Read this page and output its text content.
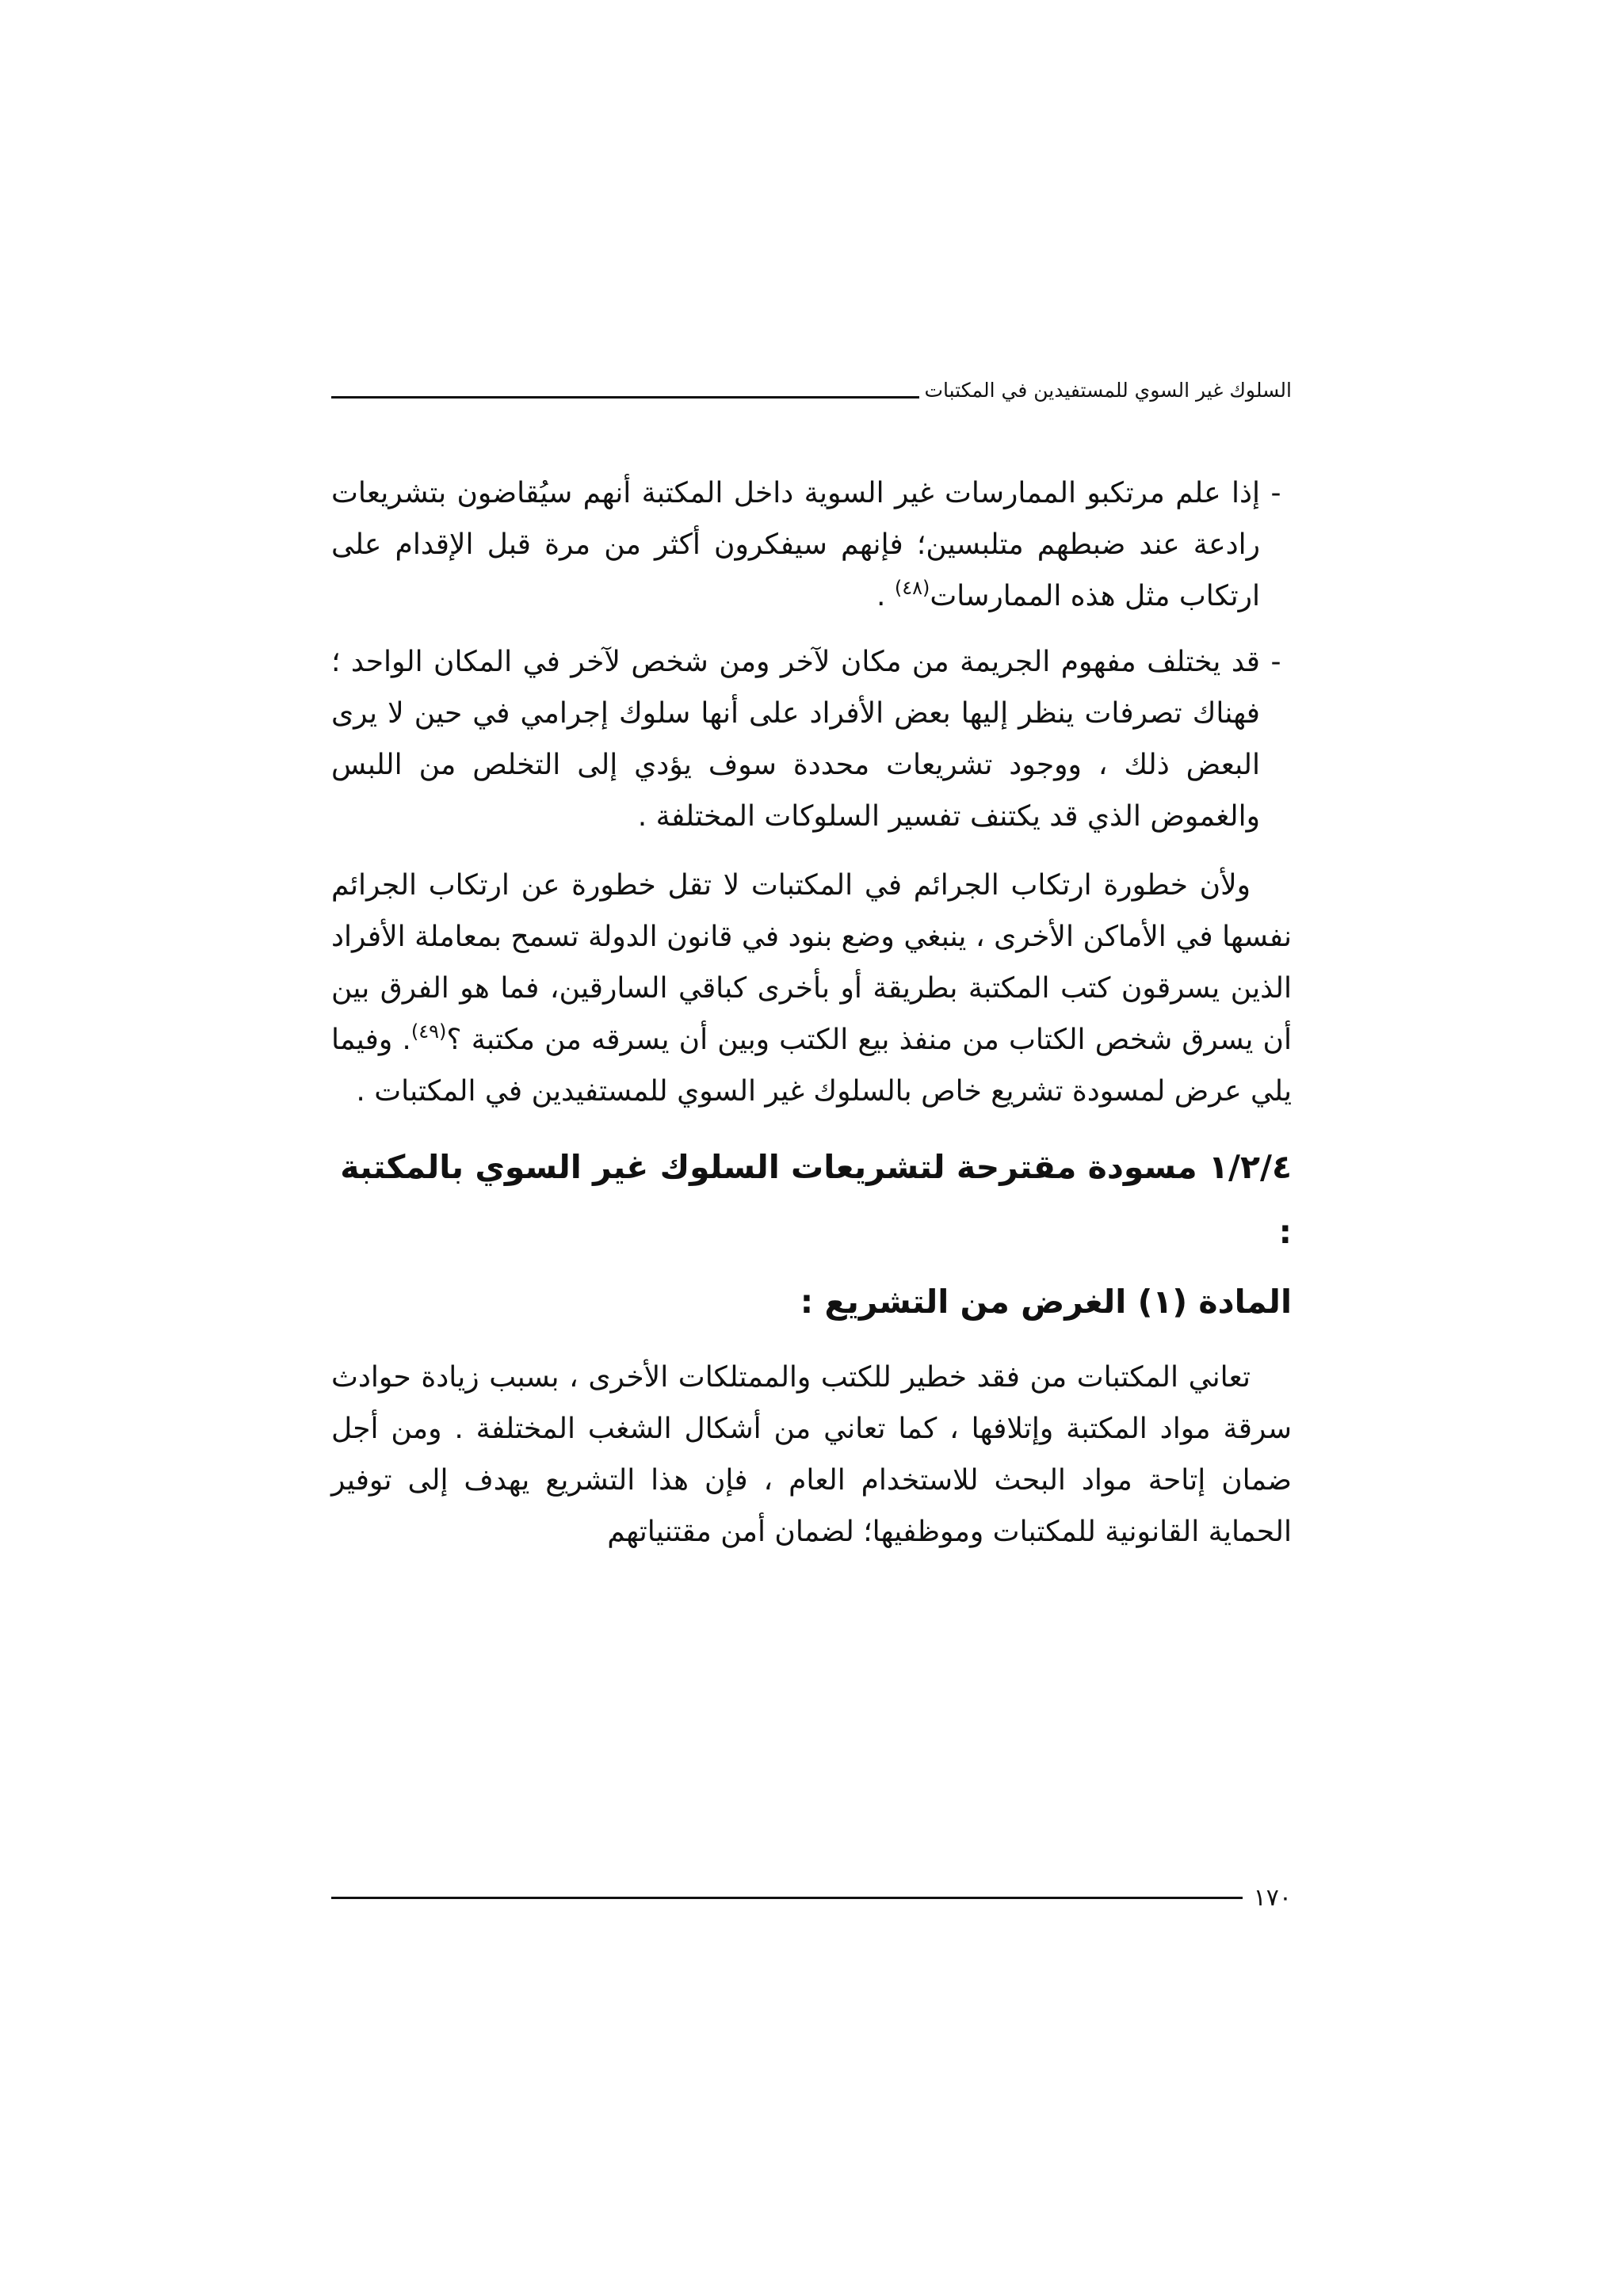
السلوك غير السوي للمستفيدين في المكتبات

-إذا علم مرتكبو الممارسات غير السوية داخل المكتبة أنهم سيُقاضون بتشريعات رادعة عند ضبطهم متلبسين؛ فإنهم سيفكرون أكثر من مرة قبل الإقدام على ارتكاب مثل هذه الممارسات$^{(٤٨)}$ .

-قد يختلف مفهوم الجريمة من مكان لآخر ومن شخص لآخر في المكان الواحد ؛ فهناك تصرفات ينظر إليها بعض الأفراد على أنها سلوك إجرامي في حين لا يرى البعض ذلك ، ووجود تشريعات محددة سوف يؤدي إلى التخلص من اللبس والغموض الذي قد يكتنف تفسير السلوكات المختلفة .

ولأن خطورة ارتكاب الجرائم في المكتبات لا تقل خطورة عن ارتكاب الجرائم نفسها في الأماكن الأخرى ، ينبغي وضع بنود في قانون الدولة تسمح بمعاملة الأفراد الذين يسرقون كتب المكتبة بطريقة أو بأخرى كباقي السارقين، فما هو الفرق بين أن يسرق شخص الكتاب من منفذ بيع الكتب وبين أن يسرقه من مكتبة ؟$^{(٤٩)}$. وفيما يلي عرض لمسودة تشريع خاص بالسلوك غير السوي للمستفيدين في المكتبات .

١/٢/٤ مسودة مقترحة لتشريعات السلوك غير السوي بالمكتبة :
المادة (١) الغرض من التشريع :

تعاني المكتبات من فقد خطير للكتب والممتلكات الأخرى ، بسبب زيادة حوادث سرقة مواد المكتبة وإتلافها ، كما تعاني من أشكال الشغب المختلفة . ومن أجل ضمان إتاحة مواد البحث للاستخدام العام ، فإن هذا التشريع يهدف إلى توفير الحماية القانونية للمكتبات وموظفيها؛ لضمان أمن مقتنياتهم

١٧٠
